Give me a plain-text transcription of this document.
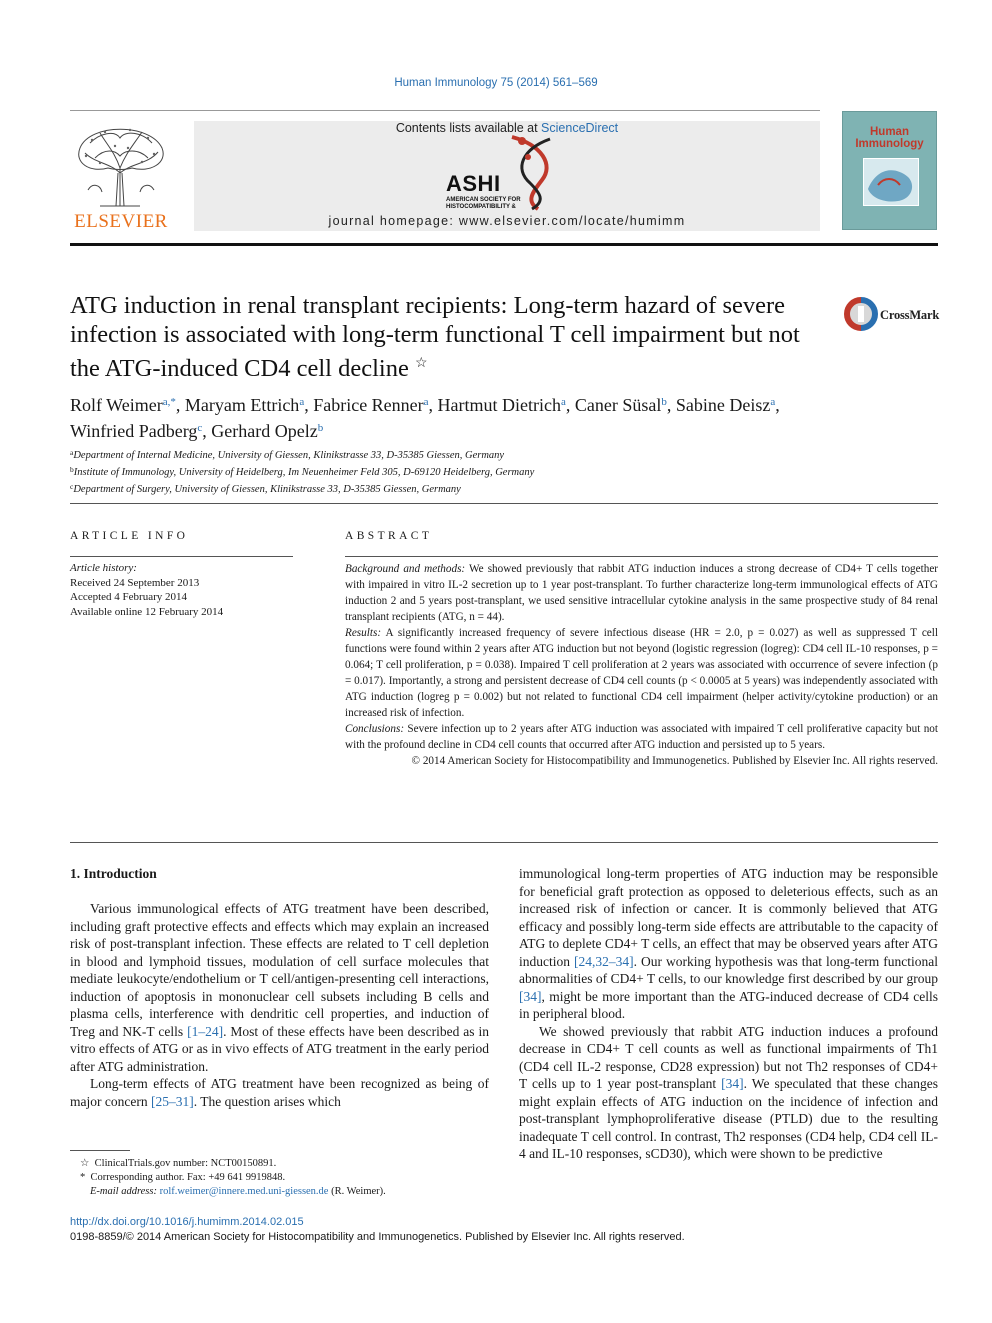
Human Immunology 75 (2014) 561–569
ELSEVIER
Contents lists available at ScienceDirect
ASHI
AMERICAN SOCIETY FOR
HISTOCOMPATIBILITY &
journal homepage: www.elsevier.com/locate/humimm
Human Immunology
ATG induction in renal transplant recipients: Long-term hazard of severe infection is associated with long-term functional T cell impairment but not the ATG-induced CD4 cell decline ☆
CrossMark
Rolf Weimer$^{a,*}$, Maryam Ettrich$^a$, Fabrice Renner$^a$, Hartmut Dietrich$^a$, Caner Süsal$^b$, Sabine Deisz$^a$,
Winfried Padberg$^c$, Gerhard Opelz$^b$
$^a$Department of Internal Medicine, University of Giessen, Klinikstrasse 33, D-35385 Giessen, Germany
$^b$Institute of Immunology, University of Heidelberg, Im Neuenheimer Feld 305, D-69120 Heidelberg, Germany
$^c$Department of Surgery, University of Giessen, Klinikstrasse 33, D-35385 Giessen, Germany
ARTICLE INFO
Article history:
Received 24 September 2013
Accepted 4 February 2014
Available online 12 February 2014
ABSTRACT

Background and methods: We showed previously that rabbit ATG induction induces a strong decrease of CD4+ T cells together with impaired in vitro IL-2 secretion up to 1 year post-transplant. To further characterize long-term immunological effects of ATG induction 2 and 5 years post-transplant, we used sensitive intracellular cytokine analysis in the same prospective study of 84 renal transplant recipients (ATG, n = 44).

Results: A significantly increased frequency of severe infectious disease (HR = 2.0, p = 0.027) as well as suppressed T cell functions were found within 2 years after ATG induction but not beyond (logistic regression (logreg): CD4 cell IL-10 responses, p = 0.064; T cell proliferation, p = 0.038). Impaired T cell proliferation at 2 years was associated with occurrence of severe infection (p = 0.017). Importantly, a strong and persistent decrease of CD4 cell counts (p < 0.0005 at 5 years) was independently associated with ATG induction (logreg p = 0.002) but not related to functional CD4 cell impairment (helper activity/cytokine production) or an increased risk of infection.

Conclusions: Severe infection up to 2 years after ATG induction was associated with impaired T cell proliferative capacity but not with the profound decline in CD4 cell counts that occurred after ATG induction and persisted up to 5 years.

© 2014 American Society for Histocompatibility and Immunogenetics. Published by Elsevier Inc. All rights reserved.

1. Introduction

Various immunological effects of ATG treatment have been described, including graft protective effects and effects which may explain an increased risk of post-transplant infection. These effects are related to T cell depletion in blood and lymphoid tissues, modulation of cell surface molecules that mediate leukocyte/endothelium or T cell/antigen-presenting cell interactions, induction of apoptosis in mononuclear cell subsets including B cells and plasma cells, interference with dendritic cell properties, and induction of Treg and NK-T cells [1–24]. Most of these effects have been described as in vitro effects of ATG or as in vivo effects of ATG treatment in the early period after ATG administration.

Long-term effects of ATG treatment have been recognized as being of major concern [25–31]. The question arises which

immunological long-term properties of ATG induction may be responsible for beneficial graft protection as opposed to deleterious effects, such as an increased risk of infection or cancer. It is commonly believed that ATG efficacy and possibly long-term side effects are attributable to the capacity of ATG to deplete CD4+ T cells, an effect that may be observed years after ATG induction [24,32–34]. Our working hypothesis was that long-term functional abnormalities of CD4+ T cells, to our knowledge first described by our group [34], might be more important than the ATG-induced decrease of CD4 cells in peripheral blood.

We showed previously that rabbit ATG induction induces a profound decrease in CD4+ T cell counts as well as functional impairments of Th1 (CD4 cell IL-2 response, CD28 expression) but not Th2 responses of CD4+ T cells up to 1 year post-transplant [34]. We speculated that these changes might explain effects of ATG induction on the incidence of infection and post-transplant lymphoproliferative disease (PTLD) due to the resulting inadequate T cell control. In contrast, Th2 responses (CD4 help, CD4 cell IL-4 and IL-10 responses, sCD30), which were shown to be predictive

☆ ClinicalTrials.gov number: NCT00150891.
* Corresponding author. Fax: +49 641 9919848.
E-mail address: rolf.weimer@innere.med.uni-giessen.de (R. Weimer).
http://dx.doi.org/10.1016/j.humimm.2014.02.015
0198-8859/© 2014 American Society for Histocompatibility and Immunogenetics. Published by Elsevier Inc. All rights reserved.
